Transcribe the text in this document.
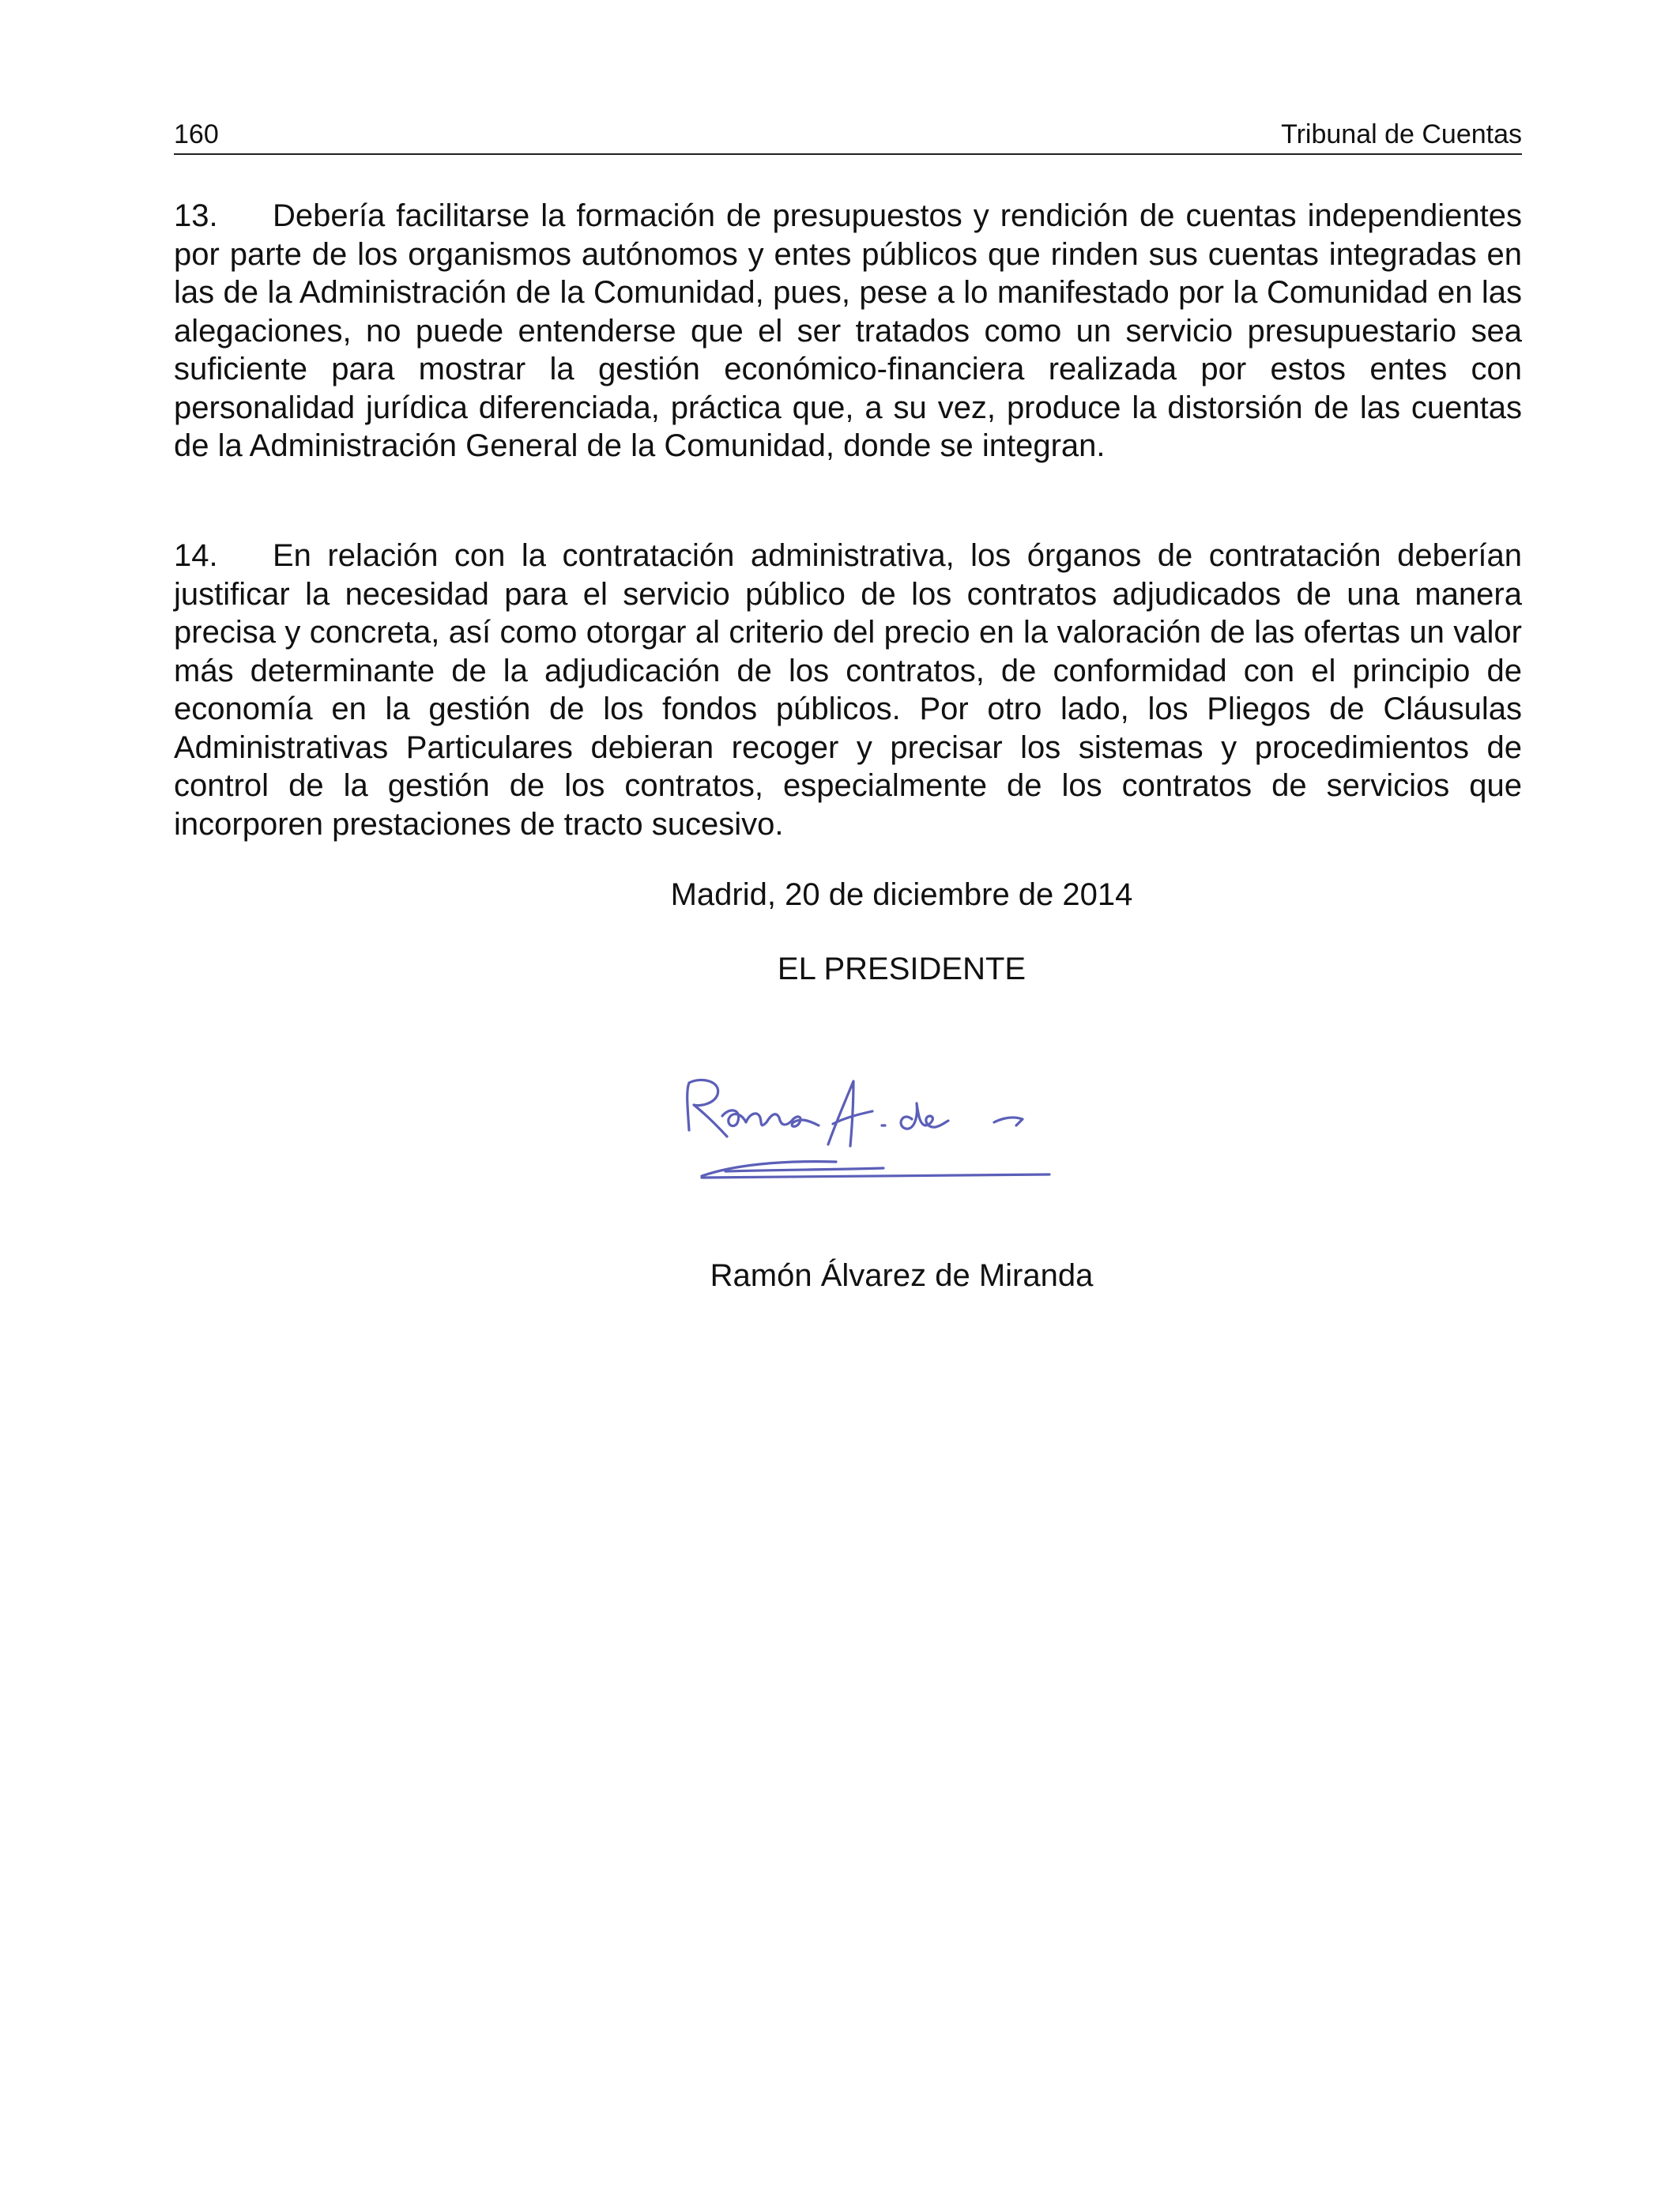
160	Tribunal de Cuentas

13. Debería facilitarse la formación de presupuestos y rendición de cuentas independientes por parte de los organismos autónomos y entes públicos que rinden sus cuentas integradas en las de la Administración de la Comunidad, pues, pese a lo manifestado por la Comunidad en las alegaciones, no puede entenderse que el ser tratados como un servicio presupuestario sea suficiente para mostrar la gestión económico-financiera realizada por estos entes con personalidad jurídica diferenciada, práctica que, a su vez, produce la distorsión de las cuentas de la Administración General de la Comunidad, donde se integran.

14. En relación con la contratación administrativa, los órganos de contratación deberían justificar la necesidad para el servicio público de los contratos adjudicados de una manera precisa y concreta, así como otorgar al criterio del precio en la valoración de las ofertas un valor más determinante de la adjudicación de los contratos, de conformidad con el principio de economía en la gestión de los fondos públicos. Por otro lado, los Pliegos de Cláusulas Administrativas Particulares debieran recoger y precisar los sistemas y procedimientos de control de la gestión de los contratos, especialmente de los contratos de servicios que incorporen prestaciones de tracto sucesivo.

Madrid, 20 de diciembre de 2014

EL PRESIDENTE

Ramón Álvarez de Miranda
